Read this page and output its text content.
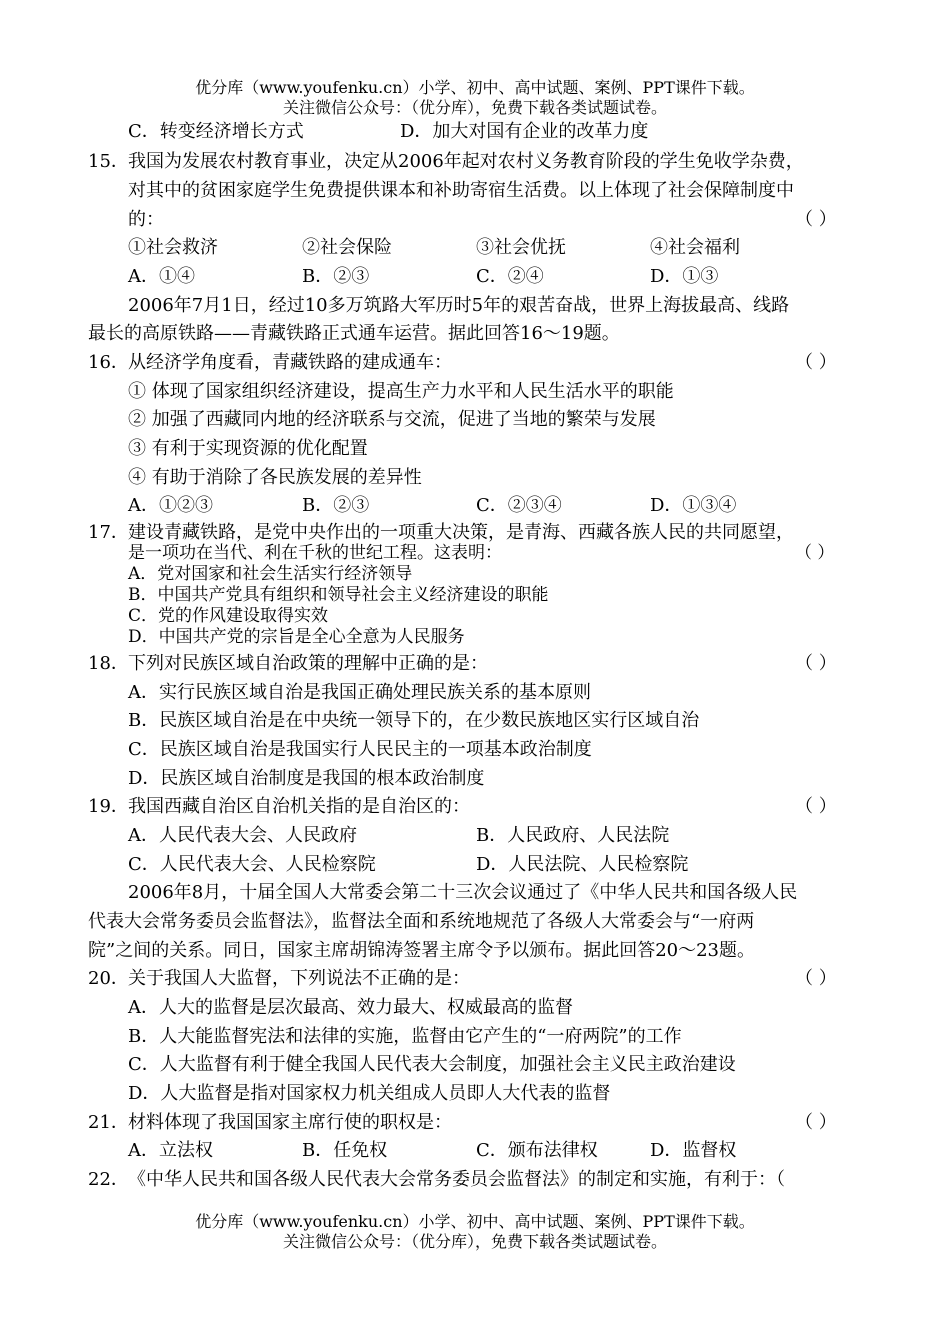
优分库（www.youfenku.cn）小学、初中、高中试题、案例、PPT课件下载。
关注微信公众号：（优分库），免费下载各类试题试卷。
C．转变经济增长方式	D．加大对国有企业的改革力度
15． 我国为发展农村教育事业，决定从2006年起对农村义务教育阶段的学生免收学杂费，
对其中的贫困家庭学生免费提供课本和补助寄宿生活费。以上体现了社会保障制度中
的：	（ ）
①社会救济	②社会保险	③社会优抚	④社会福利
A．①④	B．②③	C．②④	D．①③
2006年7月1日，经过10多万筑路大军历时5年的艰苦奋战，世界上海拔最高、线路
最长的高原铁路——青藏铁路正式通车运营。据此回答16～19题。
16． 从经济学角度看，青藏铁路的建成通车：	（ ）
① 体现了国家组织经济建设，提高生产力水平和人民生活水平的职能
② 加强了西藏同内地的经济联系与交流，促进了当地的繁荣与发展
③ 有利于实现资源的优化配置
④ 有助于消除了各民族发展的差异性
A．①②③	B．②③	C．②③④	D．①③④
17． 建设青藏铁路，是党中央作出的一项重大决策，是青海、西藏各族人民的共同愿望，
是一项功在当代、利在千秋的世纪工程。这表明：	（ ）
A．党对国家和社会生活实行经济领导
B．中国共产党具有组织和领导社会主义经济建设的职能
C．党的作风建设取得实效
D．中国共产党的宗旨是全心全意为人民服务
18． 下列对民族区域自治政策的理解中正确的是：	（ ）
A．实行民族区域自治是我国正确处理民族关系的基本原则
B．民族区域自治是在中央统一领导下的，在少数民族地区实行区域自治
C．民族区域自治是我国实行人民民主的一项基本政治制度
D．民族区域自治制度是我国的根本政治制度
19． 我国西藏自治区自治机关指的是自治区的：	（ ）
A．人民代表大会、人民政府	B．人民政府、人民法院
C．人民代表大会、人民检察院	D．人民法院、人民检察院
2006年8月，十届全国人大常委会第二十三次会议通过了《中华人民共和国各级人民
代表大会常务委员会监督法》，监督法全面和系统地规范了各级人大常委会与“一府两
院”之间的关系。同日，国家主席胡锦涛签署主席令予以颁布。据此回答20～23题。
20． 关于我国人大监督，下列说法不正确的是：	（ ）
A．人大的监督是层次最高、效力最大、权威最高的监督
B．人大能监督宪法和法律的实施，监督由它产生的“一府两院”的工作
C．人大监督有利于健全我国人民代表大会制度，加强社会主义民主政治建设
D．人大监督是指对国家权力机关组成人员即人大代表的监督
21． 材料体现了我国国家主席行使的职权是：	（ ）
A．立法权	B．任免权	C．颁布法律权	D．监督权
22． 《中华人民共和国各级人民代表大会常务委员会监督法》的制定和实施，有利于：（
优分库（www.youfenku.cn）小学、初中、高中试题、案例、PPT课件下载。
关注微信公众号：（优分库），免费下载各类试题试卷。
